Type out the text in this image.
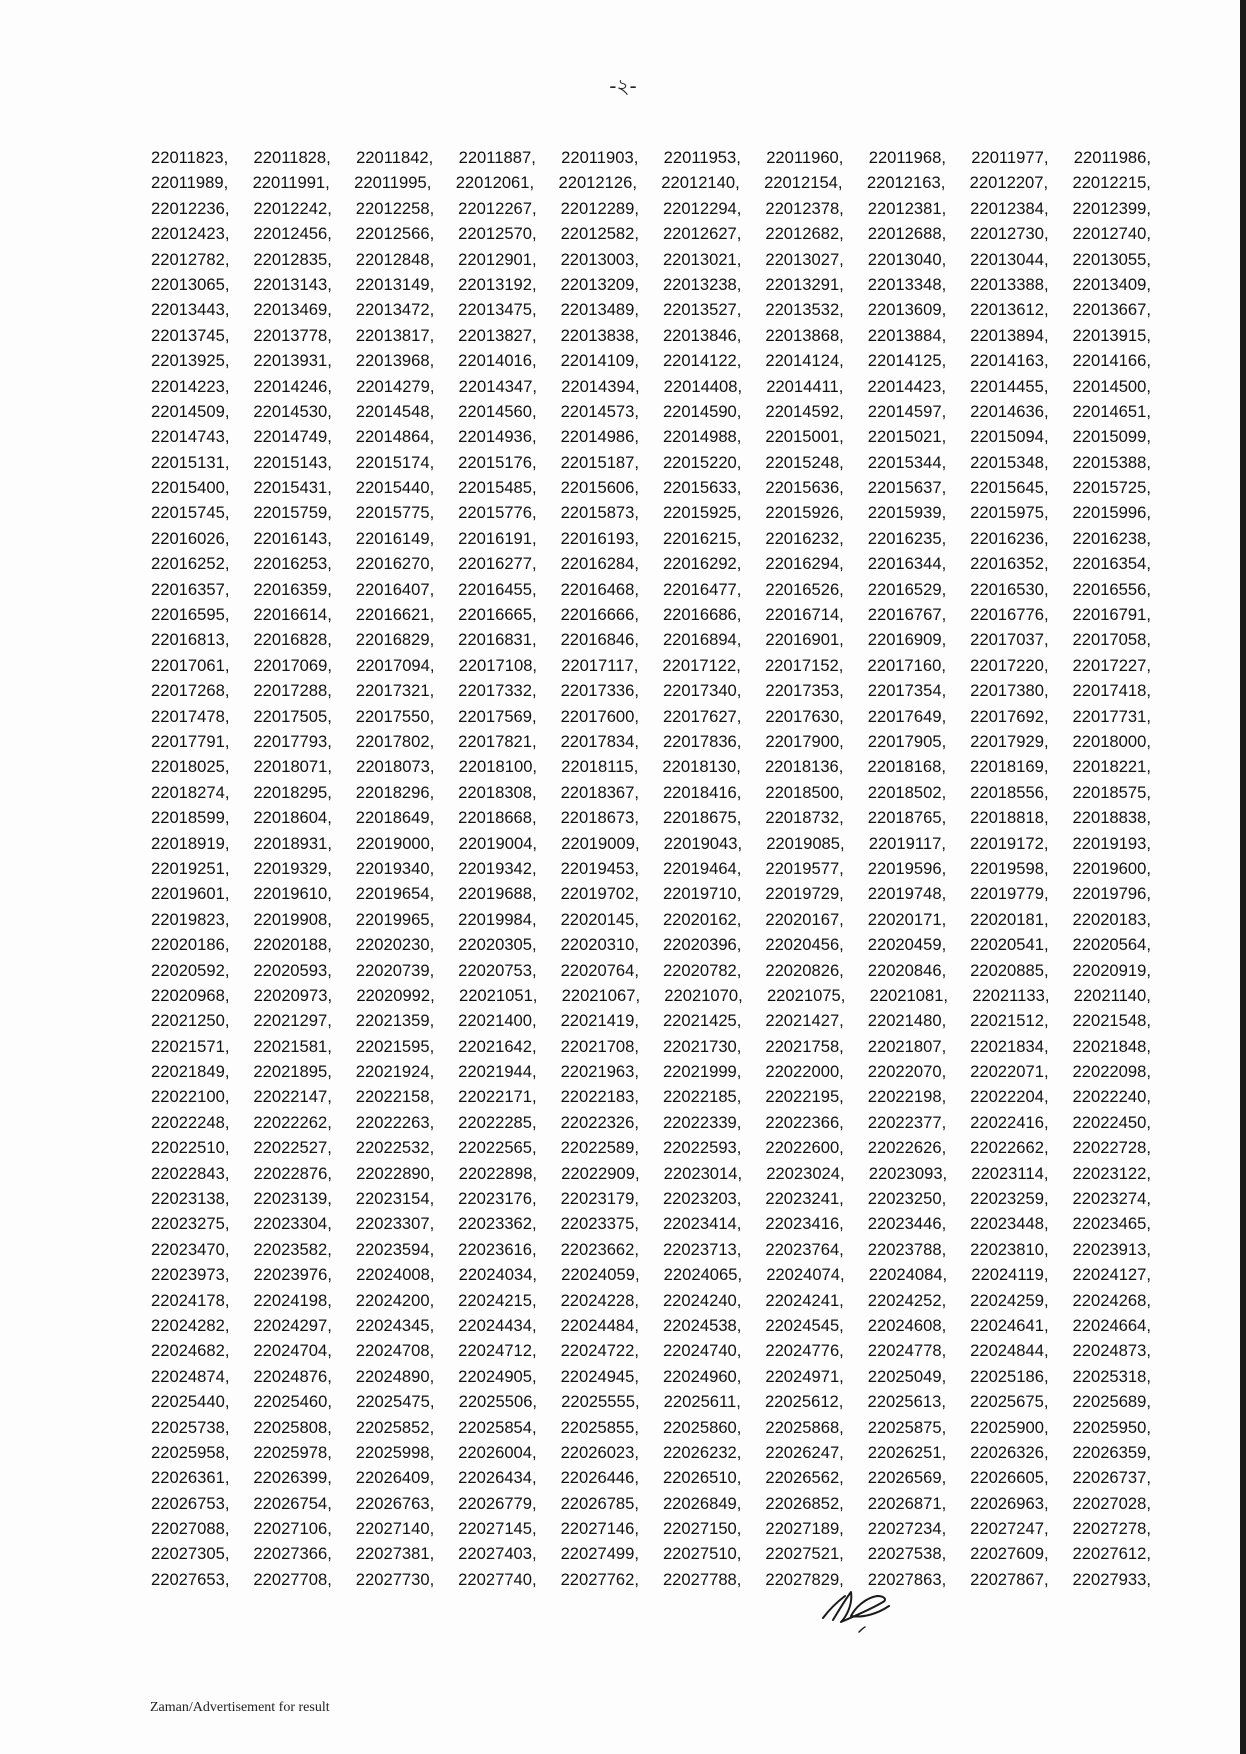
-২-
22011823, 22011828, 22011842, 22011887, 22011903, 22011953, 22011960, 22011968, 22011977, 22011986,
22011989, 22011991, 22011995, 22012061, 22012126, 22012140, 22012154, 22012163, 22012207, 22012215,
22012236, 22012242, 22012258, 22012267, 22012289, 22012294, 22012378, 22012381, 22012384, 22012399,
22012423, 22012456, 22012566, 22012570, 22012582, 22012627, 22012682, 22012688, 22012730, 22012740,
22012782, 22012835, 22012848, 22012901, 22013003, 22013021, 22013027, 22013040, 22013044, 22013055,
22013065, 22013143, 22013149, 22013192, 22013209, 22013238, 22013291, 22013348, 22013388, 22013409,
22013443, 22013469, 22013472, 22013475, 22013489, 22013527, 22013532, 22013609, 22013612, 22013667,
22013745, 22013778, 22013817, 22013827, 22013838, 22013846, 22013868, 22013884, 22013894, 22013915,
22013925, 22013931, 22013968, 22014016, 22014109, 22014122, 22014124, 22014125, 22014163, 22014166,
22014223, 22014246, 22014279, 22014347, 22014394, 22014408, 22014411, 22014423, 22014455, 22014500,
22014509, 22014530, 22014548, 22014560, 22014573, 22014590, 22014592, 22014597, 22014636, 22014651,
22014743, 22014749, 22014864, 22014936, 22014986, 22014988, 22015001, 22015021, 22015094, 22015099,
22015131, 22015143, 22015174, 22015176, 22015187, 22015220, 22015248, 22015344, 22015348, 22015388,
22015400, 22015431, 22015440, 22015485, 22015606, 22015633, 22015636, 22015637, 22015645, 22015725,
22015745, 22015759, 22015775, 22015776, 22015873, 22015925, 22015926, 22015939, 22015975, 22015996,
22016026, 22016143, 22016149, 22016191, 22016193, 22016215, 22016232, 22016235, 22016236, 22016238,
22016252, 22016253, 22016270, 22016277, 22016284, 22016292, 22016294, 22016344, 22016352, 22016354,
22016357, 22016359, 22016407, 22016455, 22016468, 22016477, 22016526, 22016529, 22016530, 22016556,
22016595, 22016614, 22016621, 22016665, 22016666, 22016686, 22016714, 22016767, 22016776, 22016791,
22016813, 22016828, 22016829, 22016831, 22016846, 22016894, 22016901, 22016909, 22017037, 22017058,
22017061, 22017069, 22017094, 22017108, 22017117, 22017122, 22017152, 22017160, 22017220, 22017227,
22017268, 22017288, 22017321, 22017332, 22017336, 22017340, 22017353, 22017354, 22017380, 22017418,
22017478, 22017505, 22017550, 22017569, 22017600, 22017627, 22017630, 22017649, 22017692, 22017731,
22017791, 22017793, 22017802, 22017821, 22017834, 22017836, 22017900, 22017905, 22017929, 22018000,
22018025, 22018071, 22018073, 22018100, 22018115, 22018130, 22018136, 22018168, 22018169, 22018221,
22018274, 22018295, 22018296, 22018308, 22018367, 22018416, 22018500, 22018502, 22018556, 22018575,
22018599, 22018604, 22018649, 22018668, 22018673, 22018675, 22018732, 22018765, 22018818, 22018838,
22018919, 22018931, 22019000, 22019004, 22019009, 22019043, 22019085, 22019117, 22019172, 22019193,
22019251, 22019329, 22019340, 22019342, 22019453, 22019464, 22019577, 22019596, 22019598, 22019600,
22019601, 22019610, 22019654, 22019688, 22019702, 22019710, 22019729, 22019748, 22019779, 22019796,
22019823, 22019908, 22019965, 22019984, 22020145, 22020162, 22020167, 22020171, 22020181, 22020183,
22020186, 22020188, 22020230, 22020305, 22020310, 22020396, 22020456, 22020459, 22020541, 22020564,
22020592, 22020593, 22020739, 22020753, 22020764, 22020782, 22020826, 22020846, 22020885, 22020919,
22020968, 22020973, 22020992, 22021051, 22021067, 22021070, 22021075, 22021081, 22021133, 22021140,
22021250, 22021297, 22021359, 22021400, 22021419, 22021425, 22021427, 22021480, 22021512, 22021548,
22021571, 22021581, 22021595, 22021642, 22021708, 22021730, 22021758, 22021807, 22021834, 22021848,
22021849, 22021895, 22021924, 22021944, 22021963, 22021999, 22022000, 22022070, 22022071, 22022098,
22022100, 22022147, 22022158, 22022171, 22022183, 22022185, 22022195, 22022198, 22022204, 22022240,
22022248, 22022262, 22022263, 22022285, 22022326, 22022339, 22022366, 22022377, 22022416, 22022450,
22022510, 22022527, 22022532, 22022565, 22022589, 22022593, 22022600, 22022626, 22022662, 22022728,
22022843, 22022876, 22022890, 22022898, 22022909, 22023014, 22023024, 22023093, 22023114, 22023122,
22023138, 22023139, 22023154, 22023176, 22023179, 22023203, 22023241, 22023250, 22023259, 22023274,
22023275, 22023304, 22023307, 22023362, 22023375, 22023414, 22023416, 22023446, 22023448, 22023465,
22023470, 22023582, 22023594, 22023616, 22023662, 22023713, 22023764, 22023788, 22023810, 22023913,
22023973, 22023976, 22024008, 22024034, 22024059, 22024065, 22024074, 22024084, 22024119, 22024127,
22024178, 22024198, 22024200, 22024215, 22024228, 22024240, 22024241, 22024252, 22024259, 22024268,
22024282, 22024297, 22024345, 22024434, 22024484, 22024538, 22024545, 22024608, 22024641, 22024664,
22024682, 22024704, 22024708, 22024712, 22024722, 22024740, 22024776, 22024778, 22024844, 22024873,
22024874, 22024876, 22024890, 22024905, 22024945, 22024960, 22024971, 22025049, 22025186, 22025318,
22025440, 22025460, 22025475, 22025506, 22025555, 22025611, 22025612, 22025613, 22025675, 22025689,
22025738, 22025808, 22025852, 22025854, 22025855, 22025860, 22025868, 22025875, 22025900, 22025950,
22025958, 22025978, 22025998, 22026004, 22026023, 22026232, 22026247, 22026251, 22026326, 22026359,
22026361, 22026399, 22026409, 22026434, 22026446, 22026510, 22026562, 22026569, 22026605, 22026737,
22026753, 22026754, 22026763, 22026779, 22026785, 22026849, 22026852, 22026871, 22026963, 22027028,
22027088, 22027106, 22027140, 22027145, 22027146, 22027150, 22027189, 22027234, 22027247, 22027278,
22027305, 22027366, 22027381, 22027403, 22027499, 22027510, 22027521, 22027538, 22027609, 22027612,
22027653, 22027708, 22027730, 22027740, 22027762, 22027788, 22027829, 22027863, 22027867, 22027933,
Zaman/Advertisement for result
